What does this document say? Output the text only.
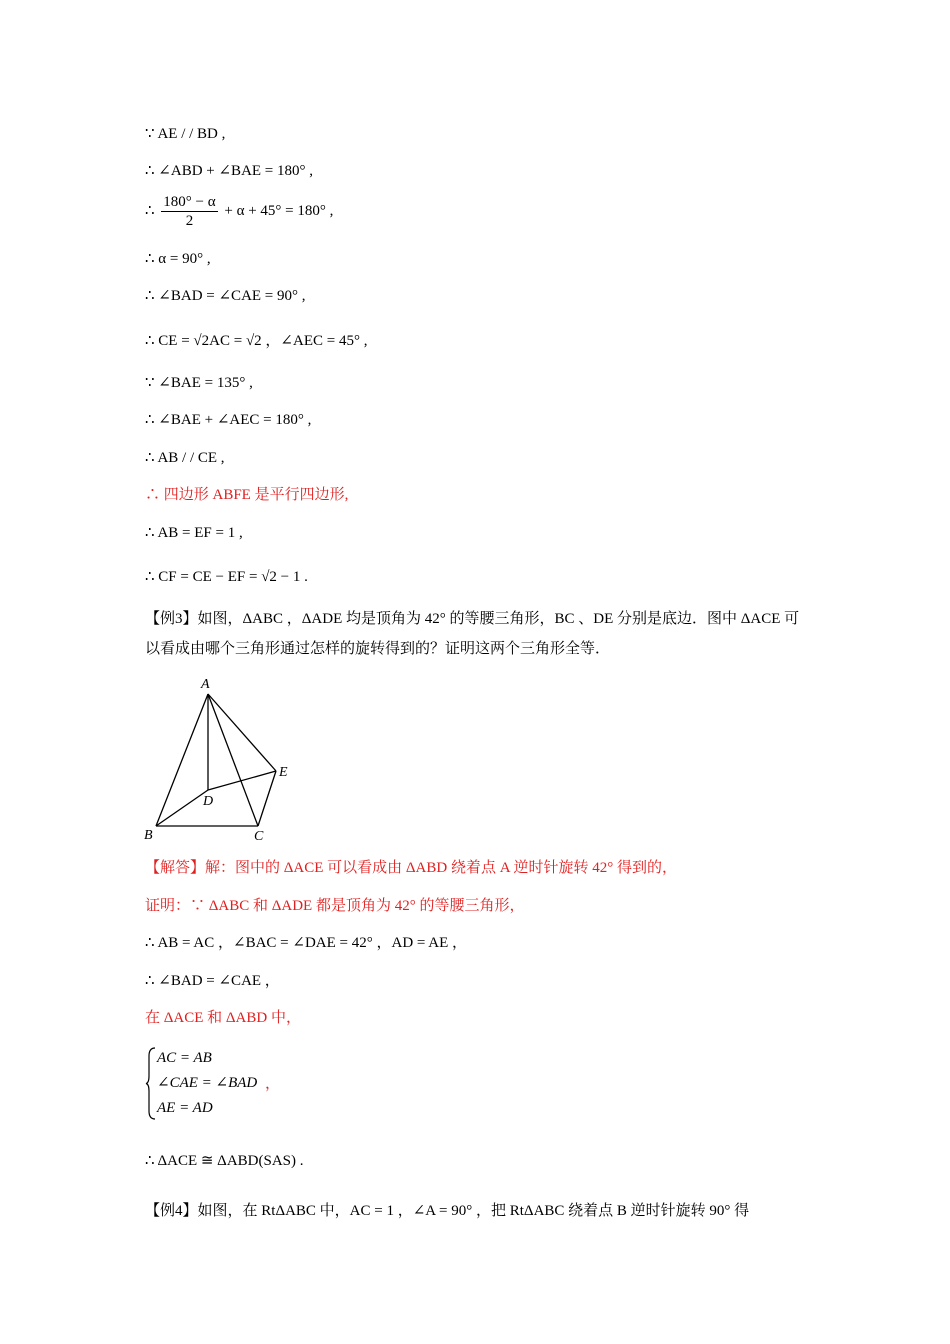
∵ AE / / BD ,
∴ ∠ABD + ∠BAE = 180° ,
∴ $\frac{180^\circ - \alpha}{2} + \alpha + 45^\circ = 180^\circ$ ,
∴ α = 90° ,
∴ ∠BAD = ∠CAE = 90° ,
∴ CE = √2AC = √2 ，∠AEC = 45° ,
∵ ∠BAE = 135° ,
∴ ∠BAE + ∠AEC = 180° ,
∴ AB / / CE ,
∴ 四边形 ABFE 是平行四边形,
∴ AB = EF = 1 ,
∴ CF = CE − EF = √2 − 1 .
【例3】如图，ΔABC ，ΔADE 均是顶角为 42° 的等腰三角形，BC 、DE 分别是底边．图中 ΔACE 可以看成由哪个三角形通过怎样的旋转得到的？证明这两个三角形全等．
A
B	C
D
E
【解答】解：图中的 ΔACE 可以看成由 ΔABD 绕着点 A 逆时针旋转 42° 得到的，
证明：∵ ΔABC 和 ΔADE 都是顶角为 42° 的等腰三角形，
∴ AB = AC ，∠BAC = ∠DAE = 42° ，AD = AE ，
∴ ∠BAD = ∠CAE ，
在 ΔACE 和 ΔABD 中，
AC = AB
∠CAE = ∠BAD
AE = AD
，
∴ ΔACE ≅ ΔABD(SAS) .
【例4】如图，在 RtΔABC 中，AC = 1 ，∠A = 90° ，把 RtΔABC 绕着点 B 逆时针旋转 90° 得
